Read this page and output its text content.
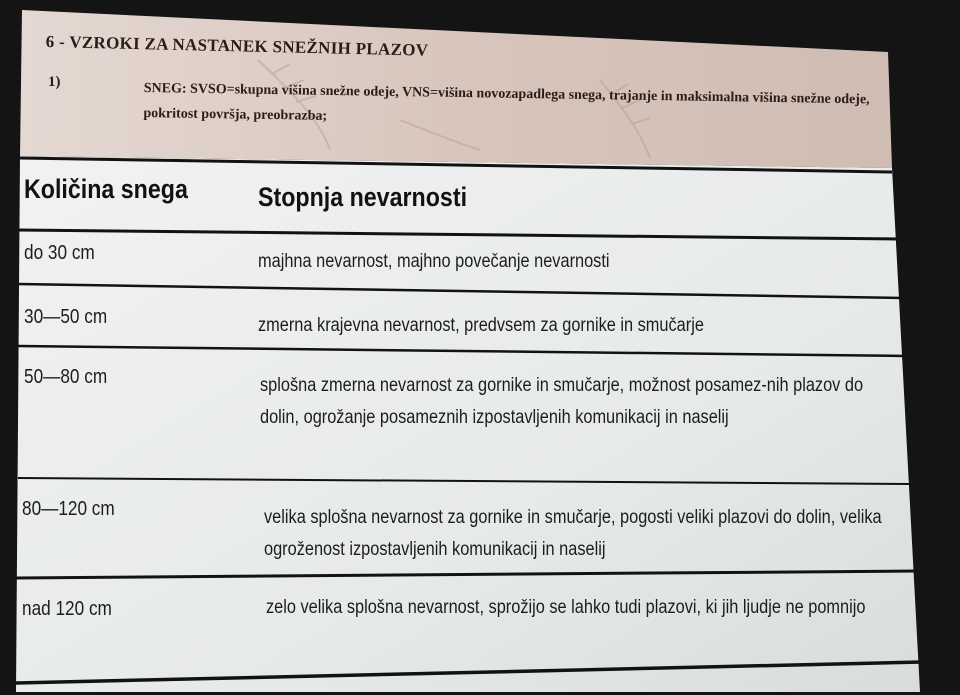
6 - VZROKI ZA NASTANEK SNEŽNIH PLAZOV
1)	SNEG: SVSO=skupna višina snežne odeje, VNS=višina novozapadlega snega, trajanje in maksimalna višina snežne odeje, pokritost površja, preobrazba;
Količina snega	Stopnja nevarnosti
do 30 cm	majhna nevarnost, majhno povečanje nevarnosti
30—50 cm	zmerna krajevna nevarnost, predvsem za gornike in smučarje
50—80 cm	splošna zmerna nevarnost za gornike in smučarje, možnost posamez-nih plazov do dolin, ogrožanje posameznih izpostavljenih komunikacij in naselij
80—120 cm	velika splošna nevarnost za gornike in smučarje, pogosti veliki plazovi do dolin, velika ogroženost izpostavljenih komunikacij in naselij
nad 120 cm	zelo velika splošna nevarnost, sprožijo se lahko tudi plazovi, ki jih ljudje ne pomnijo
